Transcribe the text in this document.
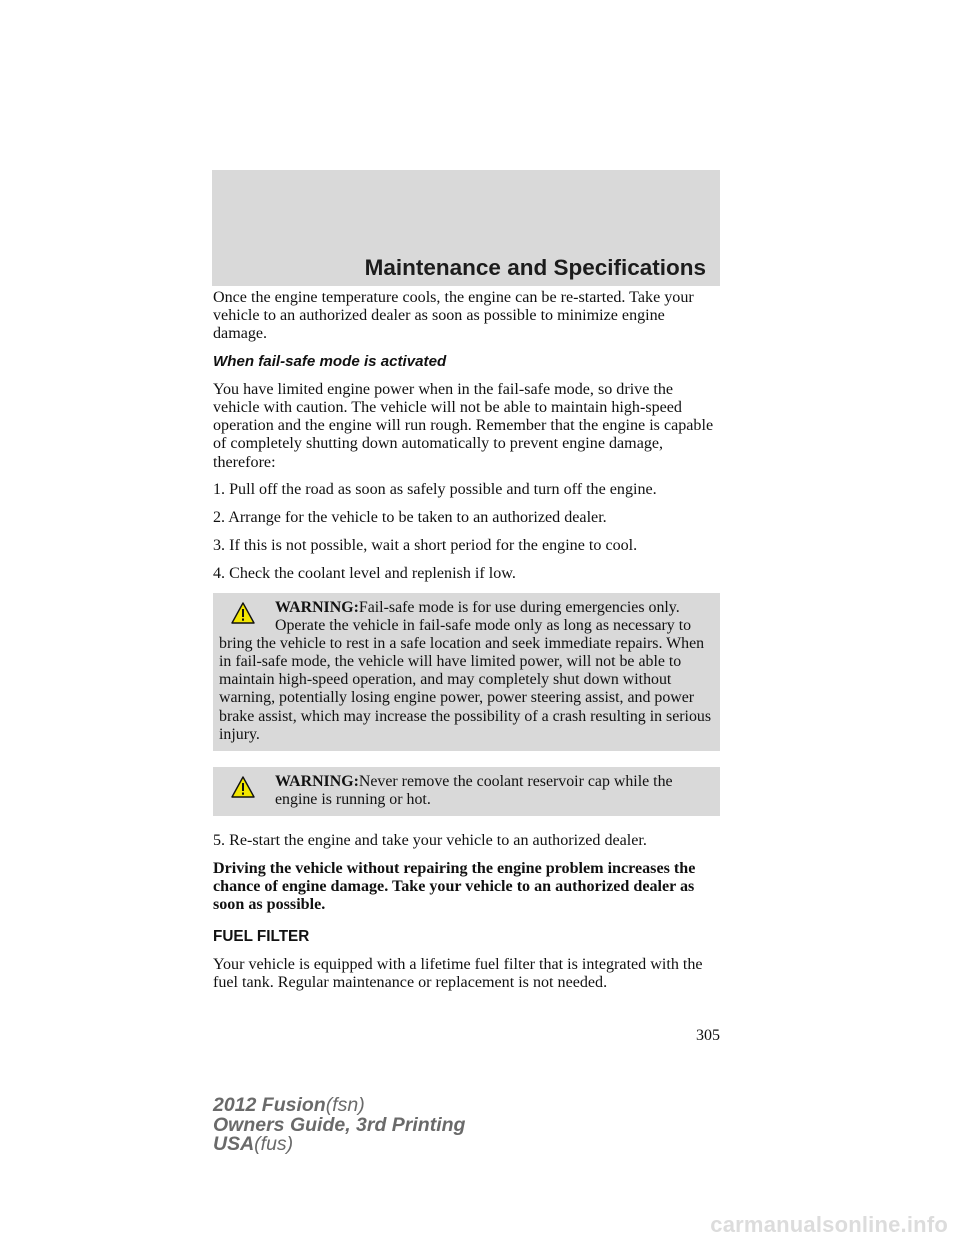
Maintenance and Specifications

Once the engine temperature cools, the engine can be re-started. Take your vehicle to an authorized dealer as soon as possible to minimize engine damage.

When fail-safe mode is activated

You have limited engine power when in the fail-safe mode, so drive the vehicle with caution. The vehicle will not be able to maintain high-speed operation and the engine will run rough. Remember that the engine is capable of completely shutting down automatically to prevent engine damage, therefore:

1. Pull off the road as soon as safely possible and turn off the engine.

2. Arrange for the vehicle to be taken to an authorized dealer.

3. If this is not possible, wait a short period for the engine to cool.

4. Check the coolant level and replenish if low.

WARNING:Fail-safe mode is for use during emergencies only.
Operate the vehicle in fail-safe mode only as long as necessary to bring the vehicle to rest in a safe location and seek immediate repairs. When in fail-safe mode, the vehicle will have limited power, will not be able to maintain high-speed operation, and may completely shut down without warning, potentially losing engine power, power steering assist, and power brake assist, which may increase the possibility of a crash resulting in serious injury.
WARNING:Never remove the coolant reservoir cap while the
engine is running or hot.

5. Re-start the engine and take your vehicle to an authorized dealer.

Driving the vehicle without repairing the engine problem increases the chance of engine damage. Take your vehicle to an authorized dealer as soon as possible.

FUEL FILTER

Your vehicle is equipped with a lifetime fuel filter that is integrated with the fuel tank. Regular maintenance or replacement is not needed.

305
2012 Fusion(fsn)
Owners Guide, 3rd Printing
USA(fus)
carmanualsonline.info
